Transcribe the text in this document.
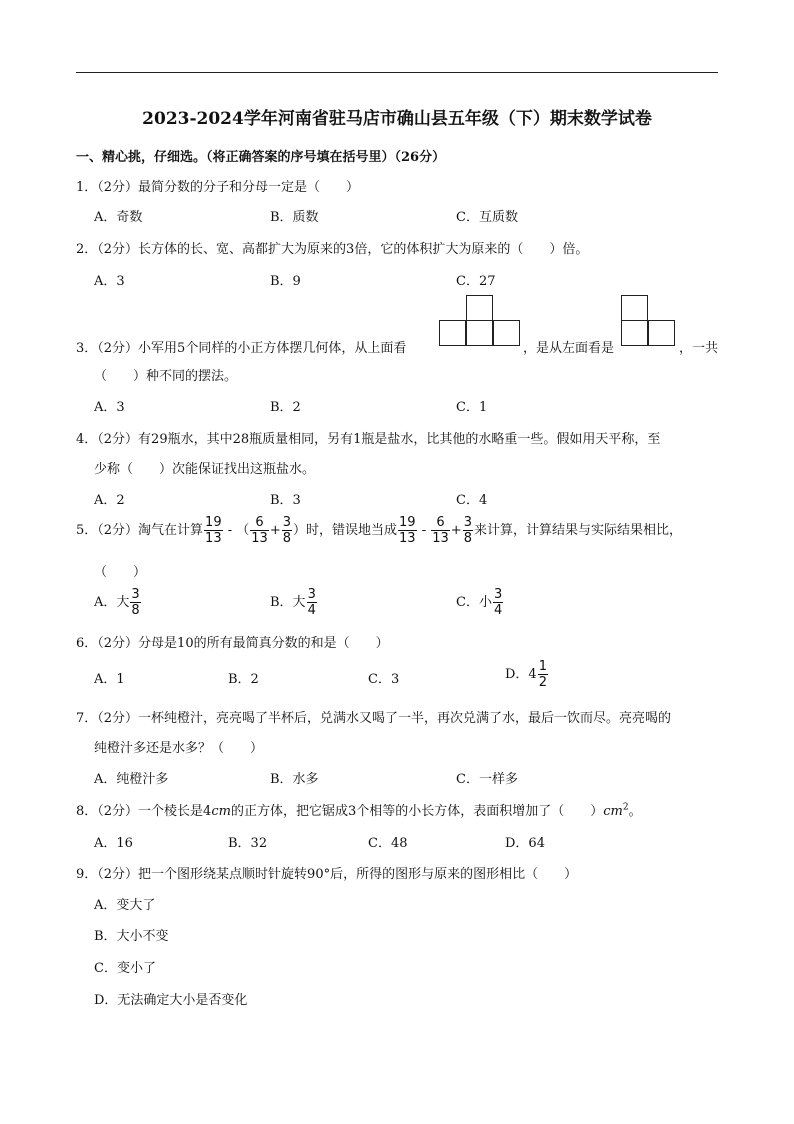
2023-2024学年河南省驻马店市确山县五年级（下）期末数学试卷
一、精心挑，仔细选。（将正确答案的序号填在括号里）（26分）
1．（2分）最简分数的分子和分母一定是（　　）
A．奇数	B．质数	C．互质数
2．（2分）长方体的长、宽、高都扩大为原来的3倍，它的体积扩大为原来的（　　）倍。
A．3	B．9	C．27
3．（2分）小军用5个同样的小正方体摆几何体，从上面看	，是从左面看是	，一共
（　　）种不同的摆法。
A．3	B．2	C．1
4．（2分）有29瓶水，其中28瓶质量相同，另有1瓶是盐水，比其他的水略重一些。假如用天平称，至
少称（　　）次能保证找出这瓶盐水。
A．2	B．3	C．4
5．（2分）淘气在计算 $\frac{19}{13}$ - （ $\frac{6}{13} + \frac{3}{8}$ ）时，错误地当成 $\frac{19}{13} - \frac{6}{13} + \frac{3}{8}$ 来计算，计算结果与实际结果相比，
（　　）
A．大 $\frac{3}{8}$	B．大 $\frac{3}{4}$	C．小 $\frac{3}{4}$
6．（2分）分母是10的所有最简真分数的和是（　　）
A．1	B．2	C．3	D．$4 \frac{1}{2}$
7．（2分）一杯纯橙汁，亮亮喝了半杯后，兑满水又喝了一半，再次兑满了水，最后一饮而尽。亮亮喝的
纯橙汁多还是水多？（　　）
A．纯橙汁多	B．水多	C．一样多
8．（2分）一个棱长是4cm的正方体，把它锯成3个相等的小长方体，表面积增加了（　　）$cm^2$。
A．16	B．32	C．48	D．64
9．（2分）把一个图形绕某点顺时针旋转90°后，所得的图形与原来的图形相比（　　）
A．变大了
B．大小不变
C．变小了
D．无法确定大小是否变化
